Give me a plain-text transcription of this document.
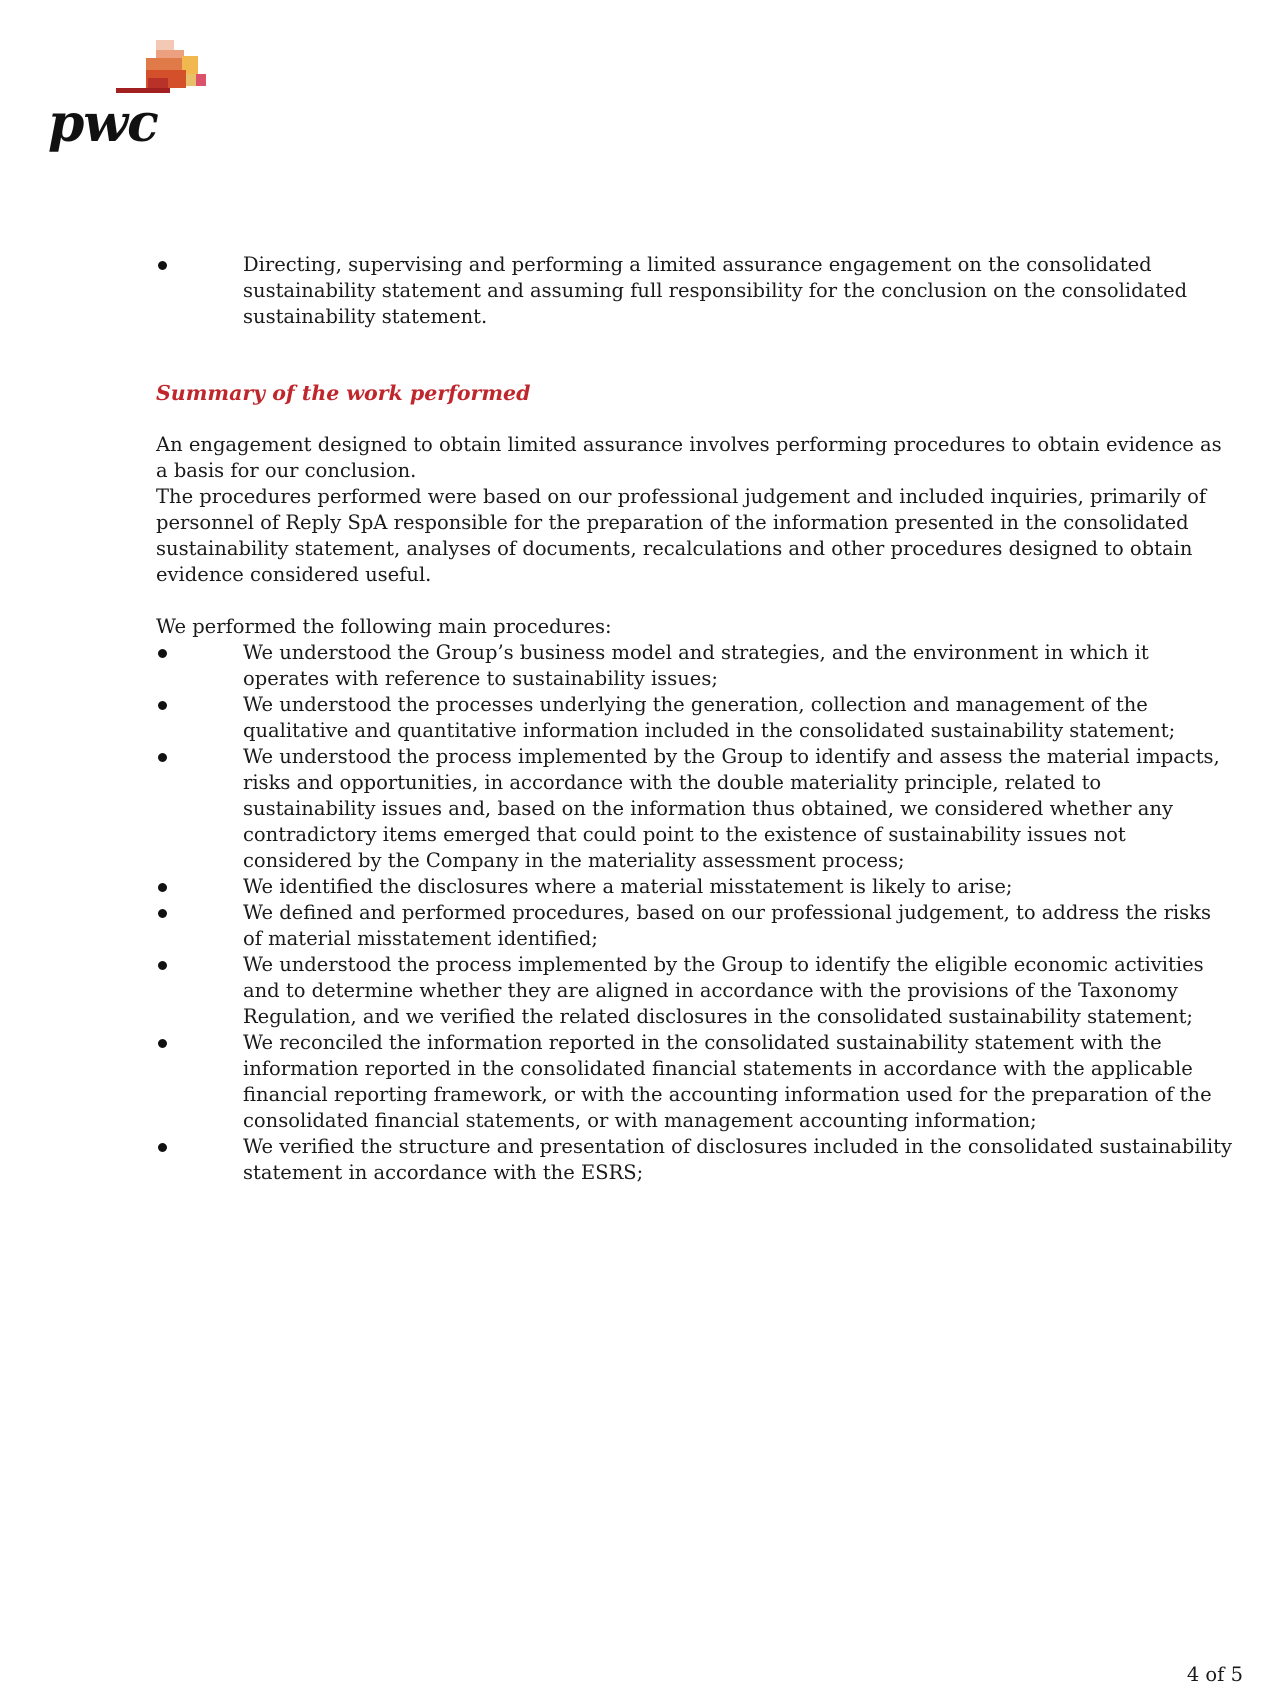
pwc
Directing, supervising and performing a limited assurance engagement on the consolidated sustainability statement and assuming full responsibility for the conclusion on the consolidated sustainability statement.
Summary of the work performed

An engagement designed to obtain limited assurance involves performing procedures to obtain evidence as a basis for our conclusion.

The procedures performed were based on our professional judgement and included inquiries, primarily of personnel of Reply SpA responsible for the preparation of the information presented in the consolidated sustainability statement, analyses of documents, recalculations and other procedures designed to obtain evidence considered useful.

We performed the following main procedures:

We understood the Group’s business model and strategies, and the environment in which it operates with reference to sustainability issues;
We understood the processes underlying the generation, collection and management of the qualitative and quantitative information included in the consolidated sustainability statement;
We understood the process implemented by the Group to identify and assess the material impacts, risks and opportunities, in accordance with the double materiality principle, related to sustainability issues and, based on the information thus obtained, we considered whether any contradictory items emerged that could point to the existence of sustainability issues not considered by the Company in the materiality assessment process;
We identified the disclosures where a material misstatement is likely to arise;
We defined and performed procedures, based on our professional judgement, to address the risks of material misstatement identified;
We understood the process implemented by the Group to identify the eligible economic activities and to determine whether they are aligned in accordance with the provisions of the Taxonomy Regulation, and we verified the related disclosures in the consolidated sustainability statement;
We reconciled the information reported in the consolidated sustainability statement with the information reported in the consolidated financial statements in accordance with the applicable financial reporting framework, or with the accounting information used for the preparation of the consolidated financial statements, or with management accounting information;
We verified the structure and presentation of disclosures included in the consolidated sustainability statement in accordance with the ESRS;
4 of 5
